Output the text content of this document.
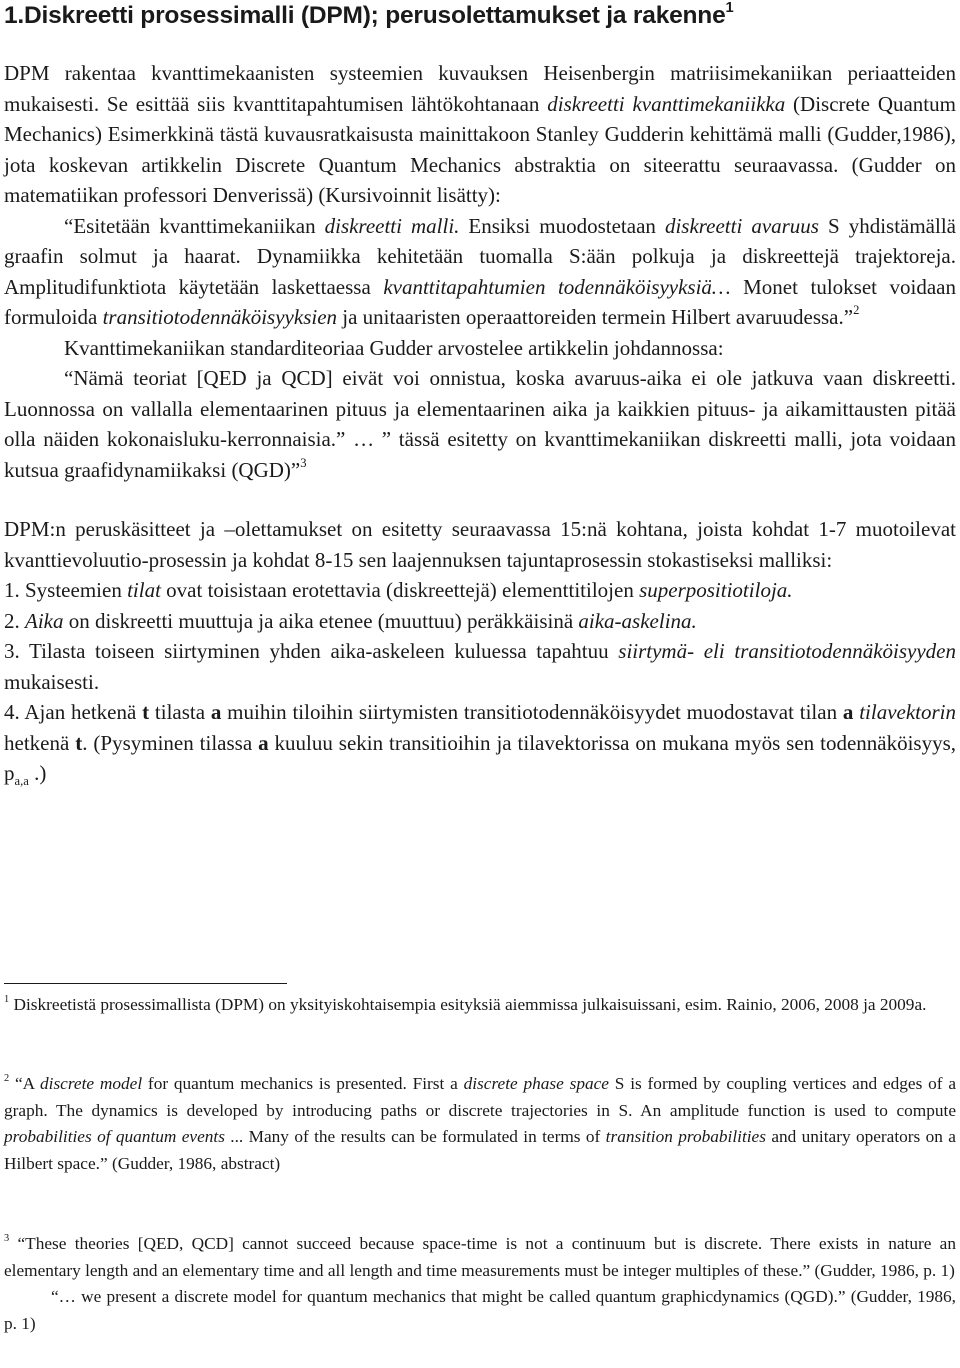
1.Diskreetti prosessimalli (DPM); perusolettamukset ja rakenne$^1$

DPM rakentaa kvanttimekaanisten systeemien kuvauksen Heisenbergin matriisimekaniikan periaatteiden mukaisesti. Se esittää siis kvanttitapahtumisen lähtökohtanaan diskreetti kvanttimekaniikka (Discrete Quantum Mechanics) Esimerkkinä tästä kuvausratkaisusta mainittakoon Stanley Gudderin kehittämä malli (Gudder,1986), jota koskevan artikkelin Discrete Quantum Mechanics abstraktia on siteerattu seuraavassa. (Gudder on matematiikan professori Denverissä) (Kursivoinnit lisätty):

“Esitetään kvanttimekaniikan diskreetti malli. Ensiksi muodostetaan diskreetti avaruus S yhdistämällä graafin solmut ja haarat. Dynamiikka kehitetään tuomalla S:ään polkuja ja diskreettejä trajektoreja. Amplitudifunktiota käytetään laskettaessa kvanttitapahtumien todennäköisyyksiä… Monet tulokset voidaan formuloida transitiotodennäköisyyksien ja unitaaristen operaattoreiden termein Hilbert avaruudessa.”$^2$

Kvanttimekaniikan standarditeoriaa Gudder arvostelee artikkelin johdannossa:

“Nämä teoriat [QED ja QCD] eivät voi onnistua, koska avaruus-aika ei ole jatkuva vaan diskreetti. Luonnossa on vallalla elementaarinen pituus ja elementaarinen aika ja kaikkien pituus- ja aikamittausten pitää olla näiden kokonaisluku-kerronnaisia.” … ” tässä esitetty on kvanttimekaniikan diskreetti malli, jota voidaan kutsua graafidynamiikaksi (QGD)”$^3$

DPM:n peruskäsitteet ja –olettamukset on esitetty seuraavassa 15:nä kohtana, joista kohdat 1-7 muotoilevat kvanttievoluutio-prosessin ja kohdat 8-15 sen laajennuksen tajuntaprosessin stokastiseksi malliksi:

1. Systeemien tilat ovat toisistaan erotettavia (diskreettejä) elementtitilojen superpositiotiloja.

2. Aika on diskreetti muuttuja ja aika etenee (muuttuu) peräkkäisinä aika-askelina.

3. Tilasta toiseen siirtyminen yhden aika-askeleen kuluessa tapahtuu siirtymä- eli transitiotodennäköisyyden mukaisesti.

4. Ajan hetkenä t tilasta a muihin tiloihin siirtymisten transitiotodennäköisyydet muodostavat tilan a tilavektorin hetkenä t. (Pysyminen tilassa a kuuluu sekin transitioihin ja tilavektorissa on mukana myös sen todennäköisyys, $p_{a,a}$ .)

$^1$ Diskreetistä prosessimallista (DPM) on yksityiskohtaisempia esityksiä aiemmissa julkaisuissani, esim. Rainio, 2006, 2008 ja 2009a.

$^2$ “A discrete model for quantum mechanics is presented. First a discrete phase space S is formed by coupling vertices and edges of a graph. The dynamics is developed by introducing paths or discrete trajectories in S. An amplitude function is used to compute probabilities of quantum events ... Many of the results can be formulated in terms of transition probabilities and unitary operators on a Hilbert space.” (Gudder, 1986, abstract)

$^3$ “These theories [QED, QCD] cannot succeed because space-time is not a continuum but is discrete. There exists in nature an elementary length and an elementary time and all length and time measurements must be integer multiples of these.” (Gudder, 1986, p. 1)

“… we present a discrete model for quantum mechanics that might be called quantum graphicdynamics (QGD).” (Gudder, 1986, p. 1)
